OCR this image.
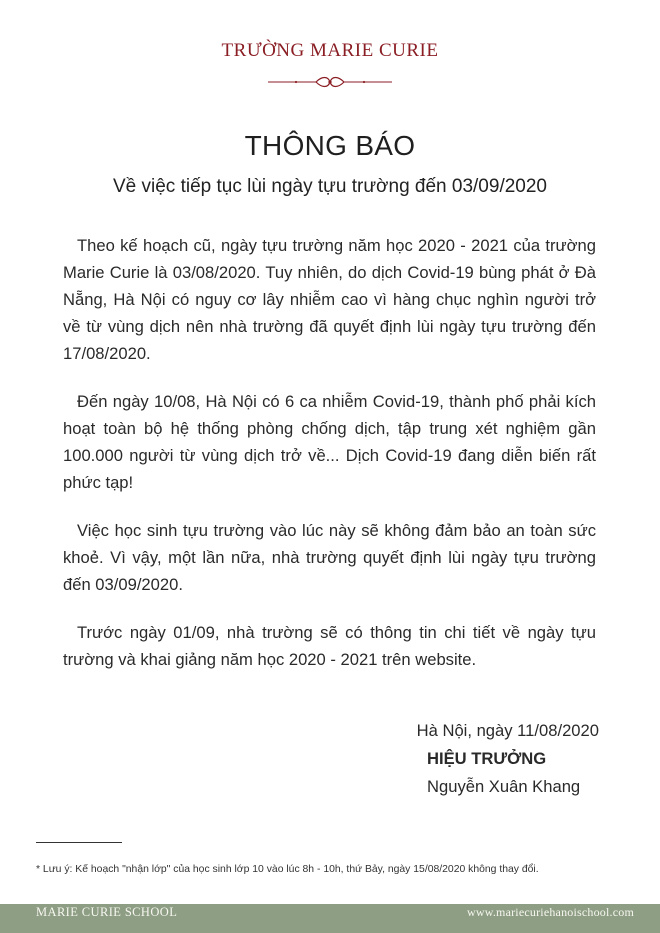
TRƯỜNG MARIE CURIE
THÔNG BÁO
Về việc tiếp tục lùi ngày tựu trường đến 03/09/2020

Theo kế hoạch cũ, ngày tựu trường năm học 2020 - 2021 của trường Marie Curie là 03/08/2020. Tuy nhiên, do dịch Covid-19 bùng phát ở Đà Nẵng, Hà Nội có nguy cơ lây nhiễm cao vì hàng chục nghìn người trở về từ vùng dịch nên nhà trường đã quyết định lùi ngày tựu trường đến 17/08/2020.

Đến ngày 10/08, Hà Nội có 6 ca nhiễm Covid-19, thành phố phải kích hoạt toàn bộ hệ thống phòng chống dịch, tập trung xét nghiệm gần 100.000 người từ vùng dịch trở về... Dịch Covid-19 đang diễn biến rất phức tạp!

Việc học sinh tựu trường vào lúc này sẽ không đảm bảo an toàn sức khoẻ. Vì vậy, một lần nữa, nhà trường quyết định lùi ngày tựu trường đến 03/09/2020.

Trước ngày 01/09, nhà trường sẽ có thông tin chi tiết về ngày tựu trường và khai giảng năm học 2020 - 2021 trên website.

Hà Nội, ngày 11/08/2020
HIỆU TRƯỞNG
Nguyễn Xuân Khang
* Lưu ý: Kế hoạch "nhận lớp" của học sinh lớp 10 vào lúc 8h - 10h, thứ Bảy, ngày 15/08/2020 không thay đổi.
MARIE CURIE SCHOOL	www.mariecuriehanoischool.com
